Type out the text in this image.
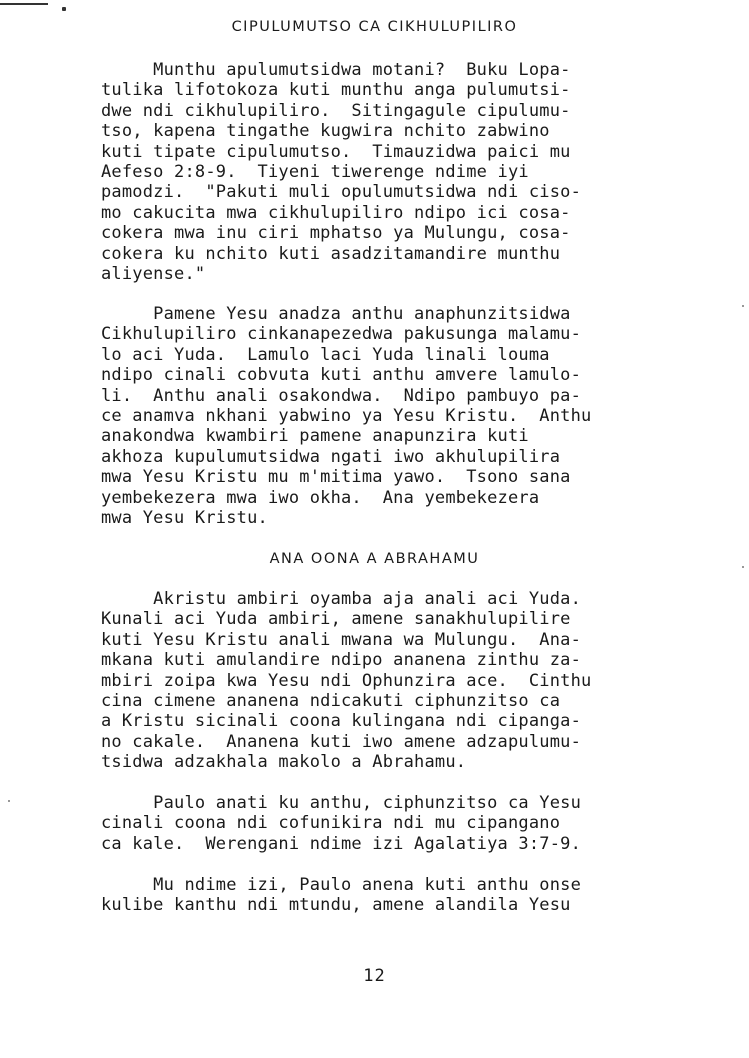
CIPULUMUTSO CA CIKHULUPILIRO
Munthu apulumutsidwa motani?  Buku Lopa-
tulika lifotokoza kuti munthu anga pulumutsi-
dwe ndi cikhulupiliro.  Sitingagule cipulumu-
tso, kapena tingathe kugwira nchito zabwino
kuti tipate cipulumutso.  Timauzidwa paici mu
Aefeso 2:8-9.  Tiyeni tiwerenge ndime iyi
pamodzi.  "Pakuti muli opulumutsidwa ndi ciso-
mo cakucita mwa cikhulupiliro ndipo ici cosa-
cokera mwa inu ciri mphatso ya Mulungu, cosa-
cokera ku nchito kuti asadzitamandire munthu
aliyense."
Pamene Yesu anadza anthu anaphunzitsidwa
Cikhulupiliro cinkanapezedwa pakusunga malamu-
lo aci Yuda.  Lamulo laci Yuda linali louma
ndipo cinali cobvuta kuti anthu amvere lamulo-
li.  Anthu anali osakondwa.  Ndipo pambuyo pa-
ce anamva nkhani yabwino ya Yesu Kristu.  Anthu
anakondwa kwambiri pamene anapunzira kuti
akhoza kupulumutsidwa ngati iwo akhulupilira
mwa Yesu Kristu mu m'mitima yawo.  Tsono sana
yembekezera mwa iwo okha.  Ana yembekezera
mwa Yesu Kristu.
ANA OONA A ABRAHAMU
Akristu ambiri oyamba aja anali aci Yuda.
Kunali aci Yuda ambiri, amene sanakhulupilire
kuti Yesu Kristu anali mwana wa Mulungu.  Ana-
mkana kuti amulandire ndipo ananena zinthu za-
mbiri zoipa kwa Yesu ndi Ophunzira ace.  Cinthu
cina cimene ananena ndicakuti ciphunzitso ca
a Kristu sicinali coona kulingana ndi cipanga-
no cakale.  Ananena kuti iwo amene adzapulumu-
tsidwa adzakhala makolo a Abrahamu.
Paulo anati ku anthu, ciphunzitso ca Yesu
cinali coona ndi cofunikira ndi mu cipangano
ca kale.  Werengani ndime izi Agalatiya 3:7-9.
Mu ndime izi, Paulo anena kuti anthu onse
kulibe kanthu ndi mtundu, amene alandila Yesu
12
